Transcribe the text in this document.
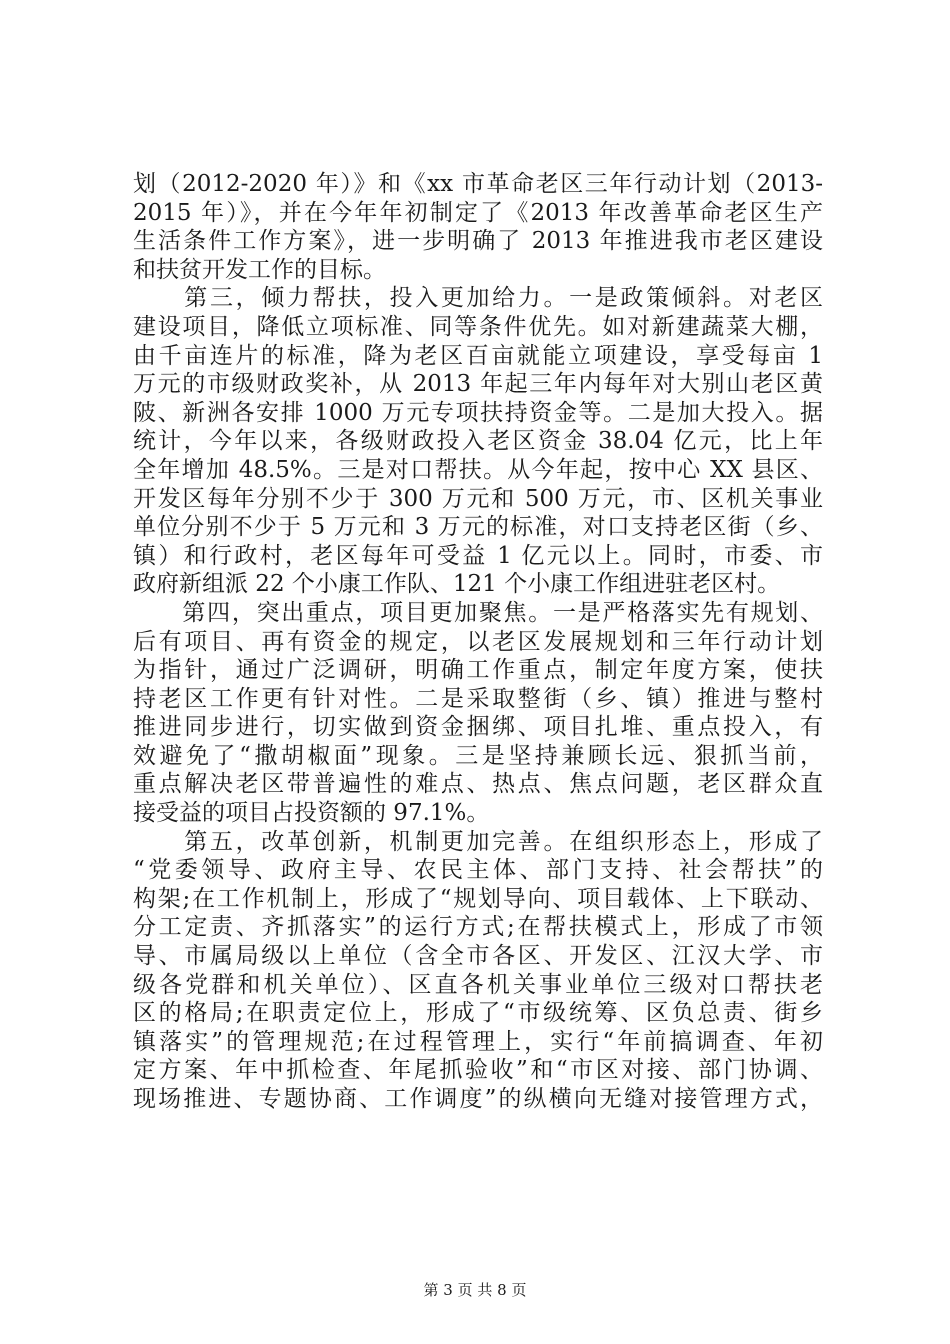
划（2012-2020 年）》和《xx 市革命老区三年行动计划（2013-
2015 年）》，并在今年年初制定了《2013 年改善革命老区生产
生活条件工作方案》，进一步明确了 2013 年推进我市老区建设
和扶贫开发工作的目标。
　　第三，倾力帮扶，投入更加给力。一是政策倾斜。对老区
建设项目，降低立项标准、同等条件优先。如对新建蔬菜大棚，
由千亩连片的标准，降为老区百亩就能立项建设，享受每亩 1
万元的市级财政奖补，从 2013 年起三年内每年对大别山老区黄
陂、新洲各安排 1000 万元专项扶持资金等。二是加大投入。据
统计，今年以来，各级财政投入老区资金 38.04 亿元，比上年
全年增加 48.5%。三是对口帮扶。从今年起，按中心 XX 县区、
开发区每年分别不少于 300 万元和 500 万元，市、区机关事业
单位分别不少于 5 万元和 3 万元的标准，对口支持老区街（乡、
镇）和行政村，老区每年可受益 1 亿元以上。同时，市委、市
政府新组派 22 个小康工作队、121 个小康工作组进驻老区村。
　　第四，突出重点，项目更加聚焦。一是严格落实先有规划、
后有项目、再有资金的规定，以老区发展规划和三年行动计划
为指针，通过广泛调研，明确工作重点，制定年度方案，使扶
持老区工作更有针对性。二是采取整街（乡、镇）推进与整村
推进同步进行，切实做到资金捆绑、项目扎堆、重点投入，有
效避免了“撒胡椒面”现象。三是坚持兼顾长远、狠抓当前，
重点解决老区带普遍性的难点、热点、焦点问题，老区群众直
接受益的项目占投资额的 97.1%。
　　第五，改革创新，机制更加完善。在组织形态上，形成了
“党委领导、政府主导、农民主体、部门支持、社会帮扶”的
构架;在工作机制上，形成了“规划导向、项目载体、上下联动、
分工定责、齐抓落实”的运行方式;在帮扶模式上，形成了市领
导、市属局级以上单位（含全市各区、开发区、江汉大学、市
级各党群和机关单位）、区直各机关事业单位三级对口帮扶老
区的格局;在职责定位上，形成了“市级统筹、区负总责、街乡
镇落实”的管理规范;在过程管理上，实行“年前搞调查、年初
定方案、年中抓检查、年尾抓验收”和“市区对接、部门协调、
现场推进、专题协商、工作调度”的纵横向无缝对接管理方式，
第 3 页 共 8 页
